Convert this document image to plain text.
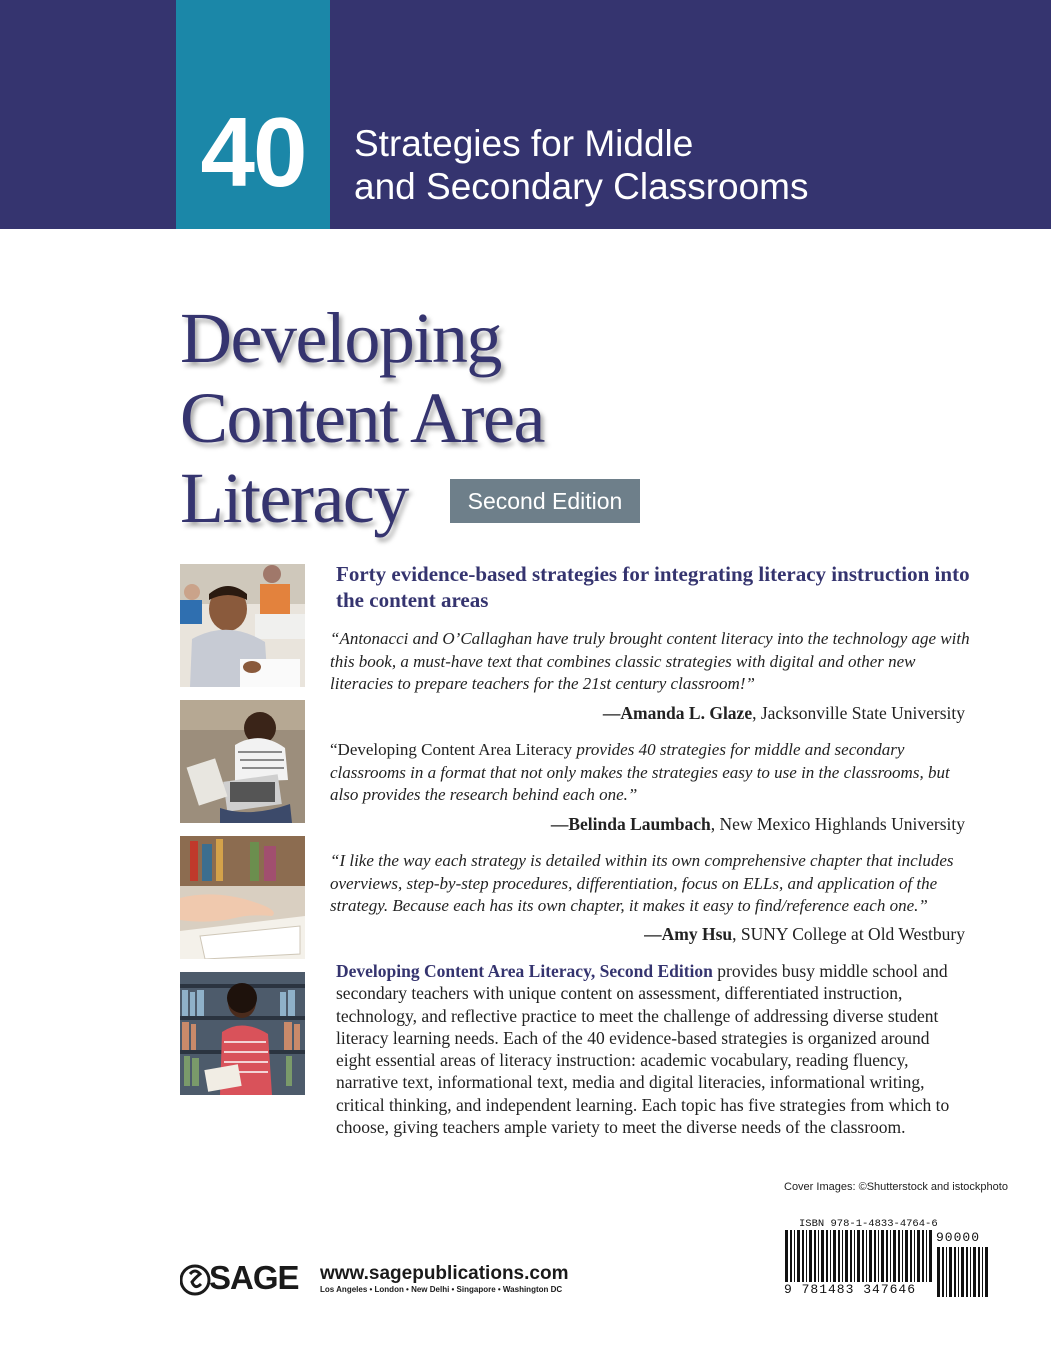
40	Strategies for Middle
and Secondary Classrooms
Developing
Content Area
Literacy	Second Edition
Forty evidence-based strategies for integrating literacy instruction into the content areas
“Antonacci and O’Callaghan have truly brought content literacy into the technology age with this book, a must-have text that combines classic strategies with digital and other new literacies to prepare teachers for the 21st century classroom!”
—Amanda L. Glaze, Jacksonville State University
“Developing Content Area Literacy provides 40 strategies for middle and secondary classrooms in a format that not only makes the strategies easy to use in the classrooms, but also provides the research behind each one.”
—Belinda Laumbach, New Mexico Highlands University
“I like the way each strategy is detailed within its own comprehensive chapter that includes overviews, step-by-step procedures, differentiation, focus on ELLs, and application of the strategy. Because each has its own chapter, it makes it easy to find/reference each one.”
—Amy Hsu, SUNY College at Old Westbury
Developing Content Area Literacy, Second Edition provides busy middle school and secondary teachers with unique content on assessment, differentiated instruction, technology, and reflective practice to meet the challenge of addressing diverse student literacy learning needs. Each of the 40 evidence-based strategies is organized around eight essential areas of literacy instruction: academic vocabulary, reading fluency, narrative text, informational text, media and digital literacies, informational writing, critical thinking, and independent learning. Each topic has five strategies from which to choose, giving teachers ample variety to meet the diverse needs of the classroom.
Cover Images: ©Shutterstock and istockphoto
ISBN 978-1-4833-4764-6
9 781483 347646
90000
SAGE www.sagepublications.com
Los Angeles • London • New Delhi • Singapore • Washington DC
